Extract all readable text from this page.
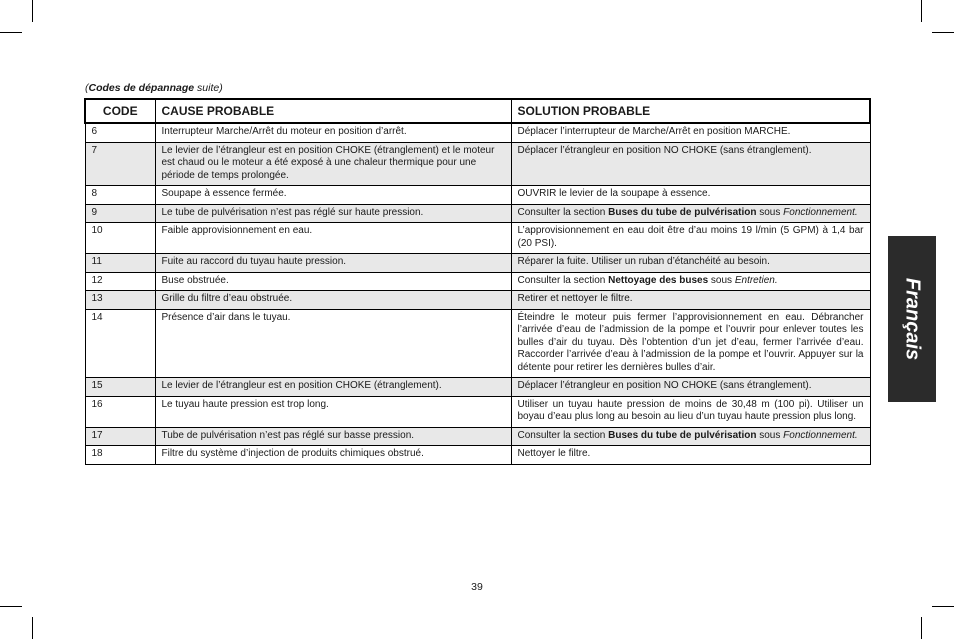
(Codes de dépannage suite)
CODE	CAUSE PROBABLE	SOLUTION PROBABLE
6	Interrupteur Marche/Arrêt du moteur en position d’arrêt.	Déplacer l’interrupteur de Marche/Arrêt en position MARCHE.
7	Le levier de l’étrangleur est en position CHOKE (étranglement) et le moteur est chaud ou le moteur a été exposé à une chaleur thermique pour une période de temps prolongée.	Déplacer l’étrangleur en position NO CHOKE (sans étranglement).
8	Soupape à essence fermée.	OUVRIR le levier de la soupape à essence.
9	Le tube de pulvérisation n’est pas réglé sur haute pression.	Consulter la section Buses du tube de pulvérisation sous Fonctionnement.
10	Faible approvisionnement en eau.	L’approvisionnement en eau doit être d’au moins 19 l/min (5 GPM) à 1,4 bar (20 PSI).
11	Fuite au raccord du tuyau haute pression.	Réparer la fuite. Utiliser un ruban d’étanchéité au besoin.
12	Buse obstruée.	Consulter la section Nettoyage des buses sous Entretien.
13	Grille du filtre d’eau obstruée.	Retirer et nettoyer le filtre.
14	Présence d’air dans le tuyau.	Éteindre le moteur puis fermer l’approvisionnement en eau. Débrancher l’arrivée d’eau de l’admission de la pompe et l’ouvrir pour enlever toutes les bulles d’air du tuyau. Dès l’obtention d’un jet d’eau, fermer l’arrivée d’eau. Raccorder l’arrivée d’eau à l’admission de la pompe et l’ouvrir. Appuyer sur la détente pour retirer les dernières bulles d’air.
15	Le levier de l’étrangleur est en position CHOKE (étranglement).	Déplacer l’étrangleur en position NO CHOKE (sans étranglement).
16	Le tuyau haute pression est trop long.	Utiliser un tuyau haute pression de moins de 30,48 m (100 pi). Utiliser un boyau d’eau plus long au besoin au lieu d’un tuyau haute pression plus long.
17	Tube de pulvérisation n’est pas réglé sur basse pression.	Consulter la section Buses du tube de pulvérisation sous Fonctionnement.
18	Filtre du système d’injection de produits chimiques obstrué.	Nettoyer le filtre.
Français
39
